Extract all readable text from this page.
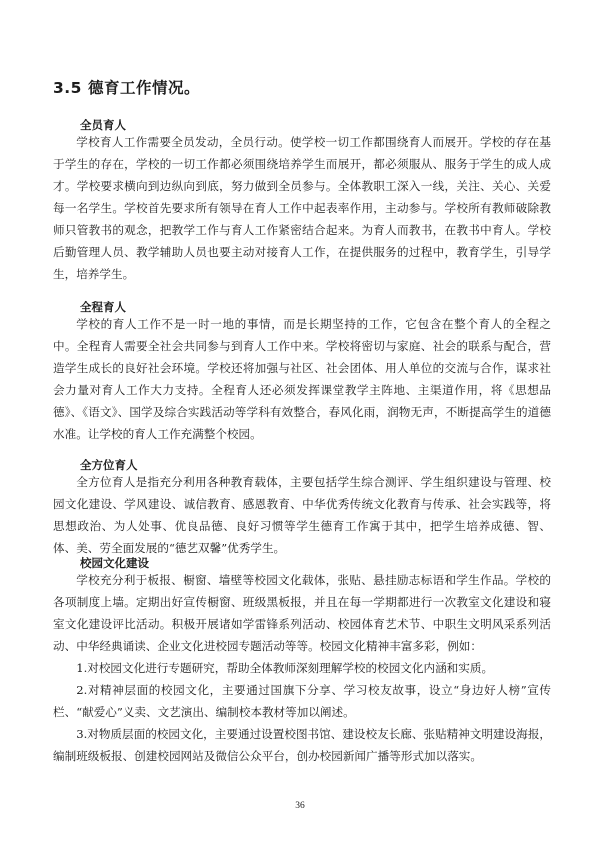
3.5 德育工作情况。
全员育人
学校育人工作需要全员发动，全员行动。使学校一切工作都围绕育人而展开。学校的存在基于学生的存在，学校的一切工作都必须围绕培养学生而展开，都必须服从、服务于学生的成人成才。学校要求横向到边纵向到底，努力做到全员参与。全体教职工深入一线，关注、关心、关爱每一名学生。学校首先要求所有领导在育人工作中起表率作用，主动参与。学校所有教师破除教师只管教书的观念，把教学工作与育人工作紧密结合起来。为育人而教书，在教书中育人。学校后勤管理人员、教学辅助人员也要主动对接育人工作，在提供服务的过程中，教育学生，引导学生，培养学生。
全程育人
学校的育人工作不是一时一地的事情，而是长期坚持的工作，它包含在整个育人的全程之中。全程育人需要全社会共同参与到育人工作中来。学校将密切与家庭、社会的联系与配合，营造学生成长的良好社会环境。学校还将加强与社区、社会团体、用人单位的交流与合作，谋求社会力量对育人工作大力支持。全程育人还必须发挥课堂教学主阵地、主渠道作用，将《思想品德》、《语文》、国学及综合实践活动等学科有效整合，春风化雨，润物无声，不断提高学生的道德水准。让学校的育人工作充满整个校园。
全方位育人
全方位育人是指充分利用各种教育载体，主要包括学生综合测评、学生组织建设与管理、校园文化建设、学风建设、诚信教育、感恩教育、中华优秀传统文化教育与传承、社会实践等，将思想政治、为人处事、优良品德、良好习惯等学生德育工作寓于其中，把学生培养成德、智、体、美、劳全面发展的“德艺双馨”优秀学生。
校园文化建设
学校充分利于板报、橱窗、墙壁等校园文化载体，张贴、悬挂励志标语和学生作品。学校的各项制度上墙。定期出好宣传橱窗、班级黑板报，并且在每一学期都进行一次教室文化建设和寝室文化建设评比活动。积极开展诸如学雷锋系列活动、校园体育艺术节、中职生文明风采系列活动、中华经典诵读、企业文化进校园专题活动等等。校园文化精神丰富多彩，例如：
1.对校园文化进行专题研究，帮助全体教师深刻理解学校的校园文化内涵和实质。
2.对精神层面的校园文化，主要通过国旗下分享、学习校友故事，设立“身边好人榜”宣传栏、“献爱心”义卖、文艺演出、编制校本教材等加以阐述。
3.对物质层面的校园文化，主要通过设置校图书馆、建设校友长廊、张贴精神文明建设海报，编制班级板报、创建校园网站及微信公众平台，创办校园新闻广播等形式加以落实。
36
